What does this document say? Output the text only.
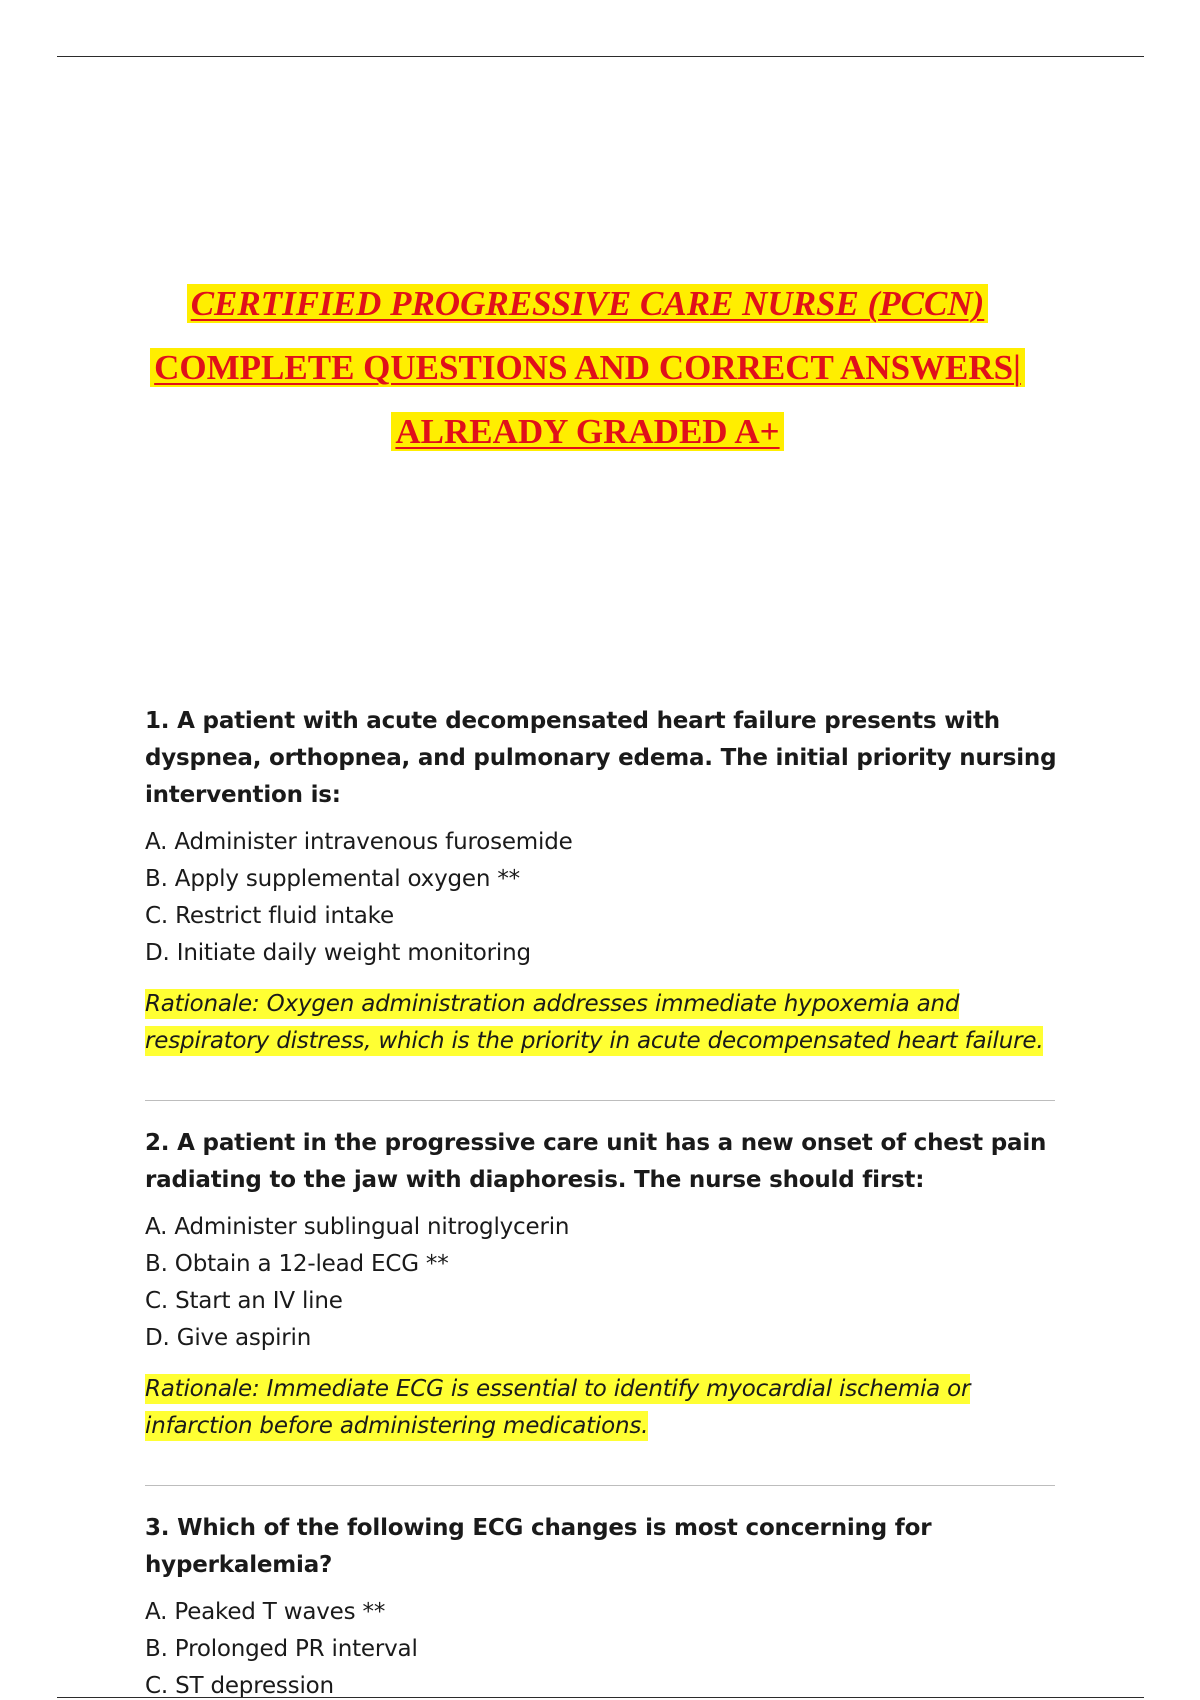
CERTIFIED PROGRESSIVE CARE NURSE (PCCN)
COMPLETE QUESTIONS AND CORRECT ANSWERS|
ALREADY GRADED A+

1. A patient with acute decompensated heart failure presents with dyspnea, orthopnea, and pulmonary edema. The initial priority nursing intervention is:

A. Administer intravenous furosemide
B. Apply supplemental oxygen **
C. Restrict fluid intake
D. Initiate daily weight monitoring

Rationale: Oxygen administration addresses immediate hypoxemia and respiratory distress, which is the priority in acute decompensated heart failure.

2. A patient in the progressive care unit has a new onset of chest pain radiating to the jaw with diaphoresis. The nurse should first:

A. Administer sublingual nitroglycerin
B. Obtain a 12-lead ECG **
C. Start an IV line
D. Give aspirin

Rationale: Immediate ECG is essential to identify myocardial ischemia or infarction before administering medications.

3. Which of the following ECG changes is most concerning for hyperkalemia?

A. Peaked T waves **
B. Prolonged PR interval
C. ST depression
